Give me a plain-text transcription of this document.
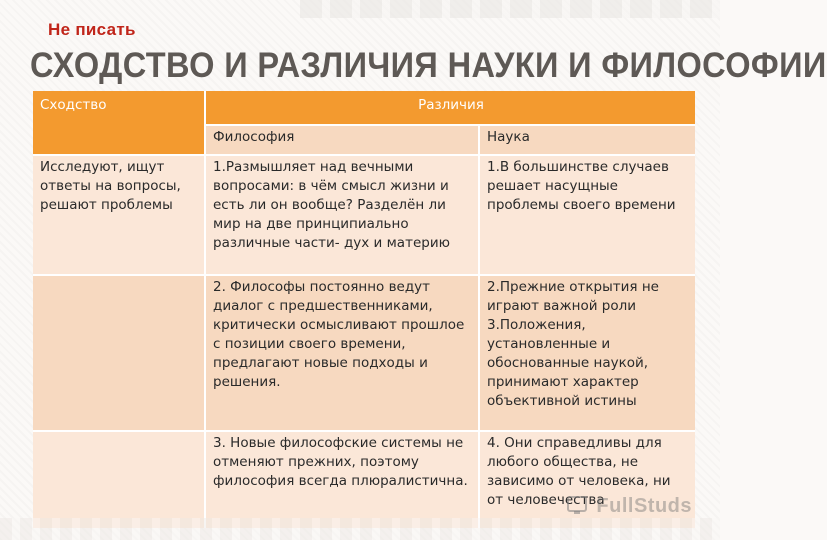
Не писать
СХОДСТВО И РАЗЛИЧИЯ НАУКИ И ФИЛОСОФИИ
Сходство	Различия	
	Философия	Наука
Исследуют, ищут ответы на вопросы, решают проблемы	1.Размышляет над вечными вопросами: в чём смысл жизни и есть ли он вообще? Разделён ли мир на две принципиально различные части- дух и материю	1.В большинстве случаев решает насущные проблемы своего времени
	2. Философы постоянно ведут диалог с предшественниками, критически осмысливают прошлое с позиции своего времени, предлагают новые подходы и решения.	2.Прежние открытия не играют важной роли 3.Положения, установленные и обоснованные наукой, принимают характер объективной истины
	3. Новые философские системы не отменяют прежних, поэтому философия всегда плюралистична.	4. Они справедливы для любого общества, не зависимо от человека, ни от человечества
FullStuds
